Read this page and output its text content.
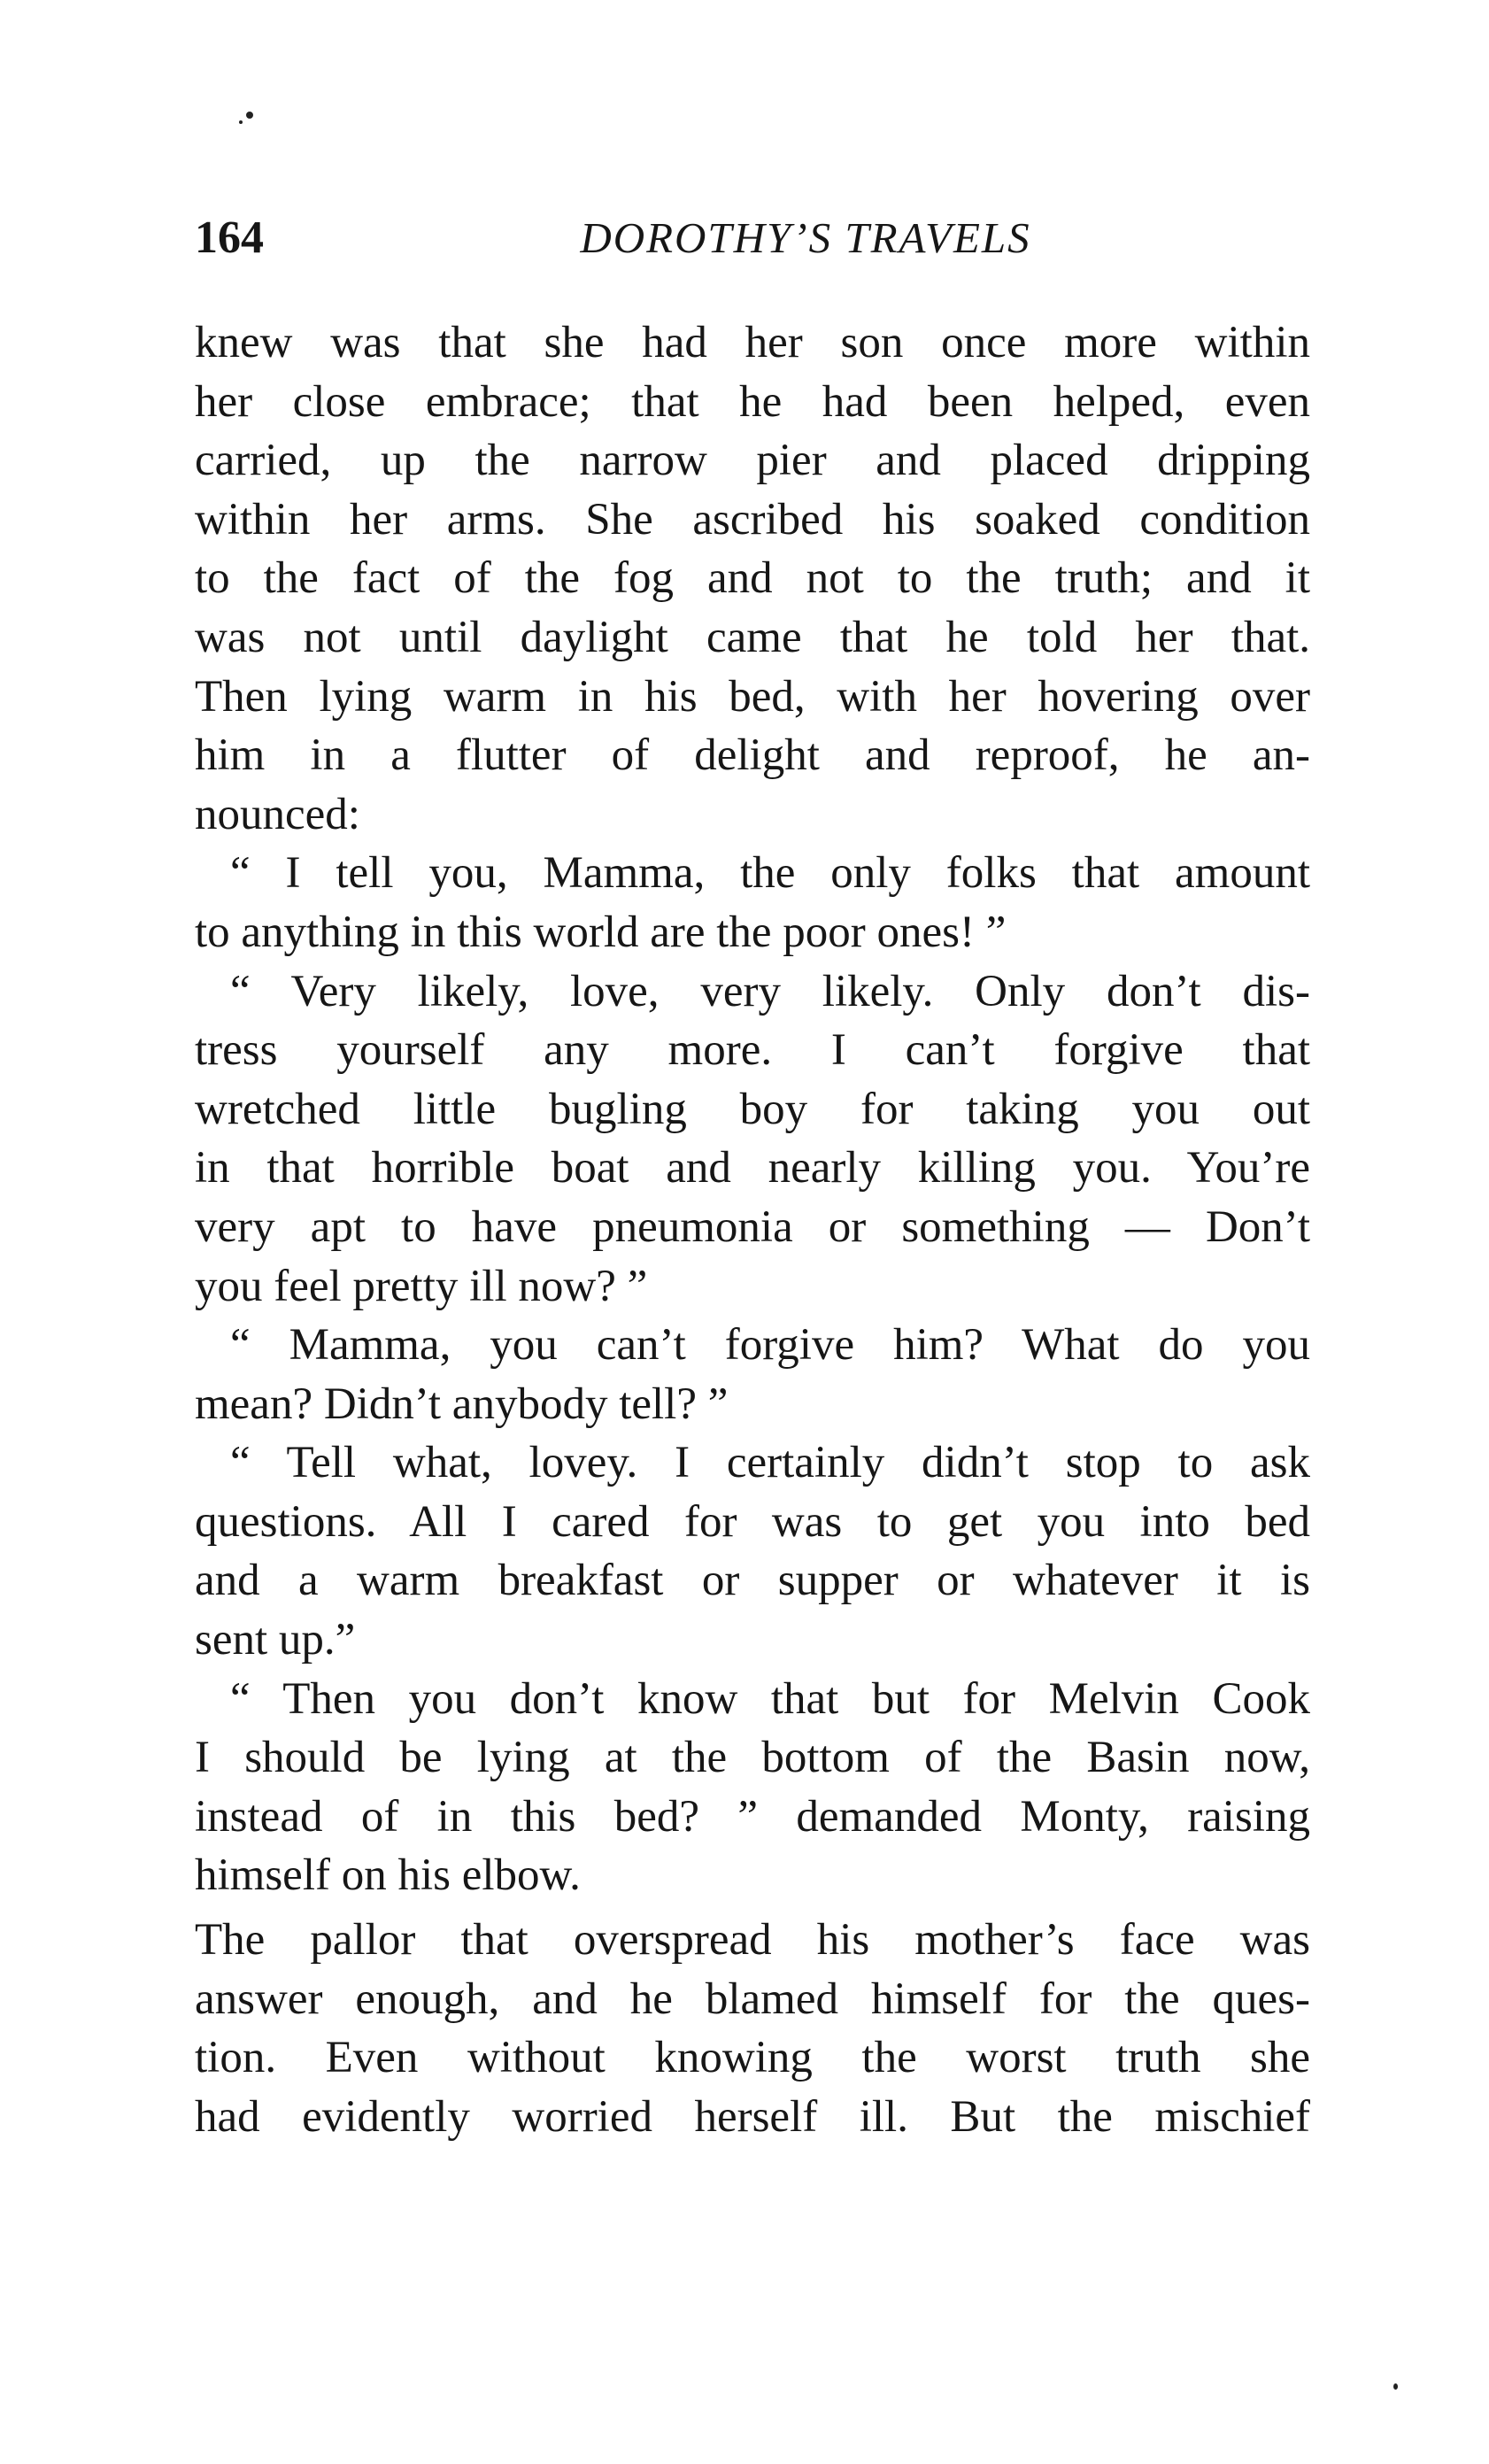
164	DOROTHY’S TRAVELS
knew was that she had her son once more within
her close embrace; that he had been helped, even
carried, up the narrow pier and placed dripping
within her arms. She ascribed his soaked condition
to the fact of the fog and not to the truth; and it
was not until daylight came that he told her that.
Then lying warm in his bed, with her hovering over
him in a flutter of delight and reproof, he an-
nounced:
“ I tell you, Mamma, the only folks that amount
to anything in this world are the poor ones! ”
“ Very likely, love, very likely. Only don’t dis-
tress yourself any more. I can’t forgive that
wretched little bugling boy for taking you out
in that horrible boat and nearly killing you. You’re
very apt to have pneumonia or something — Don’t
you feel pretty ill now? ”
“ Mamma, you can’t forgive him? What do you
mean? Didn’t anybody tell? ”
“ Tell what, lovey. I certainly didn’t stop to ask
questions. All I cared for was to get you into bed
and a warm breakfast or supper or whatever it is
sent up.”
“ Then you don’t know that but for Melvin Cook
I should be lying at the bottom of the Basin now,
instead of in this bed? ” demanded Monty, raising
himself on his elbow.
The pallor that overspread his mother’s face was
answer enough, and he blamed himself for the ques-
tion. Even without knowing the worst truth she
had evidently worried herself ill. But the mischief
